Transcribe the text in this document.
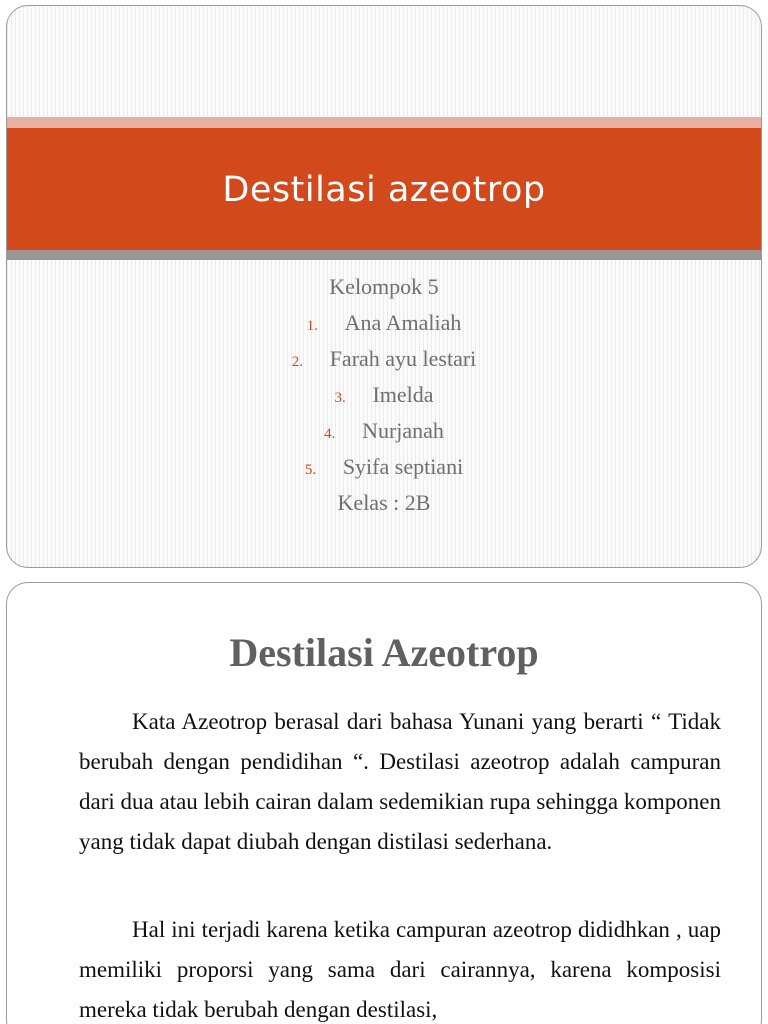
Destilasi azeotrop

Kelompok 5

1. Ana Amaliah

2. Farah ayu lestari

3. Imelda

4. Nurjanah

5. Syifa septiani

Kelas : 2B

Destilasi Azeotrop

Kata Azeotrop berasal dari bahasa Yunani yang berarti “ Tidak berubah dengan pendidihan “. Destilasi azeotrop adalah campuran dari dua atau lebih cairan dalam sedemikian rupa sehingga komponen yang tidak dapat diubah dengan distilasi sederhana.

Hal ini terjadi karena ketika campuran azeotrop dididhkan , uap memiliki proporsi yang sama dari cairannya, karena komposisi mereka tidak berubah dengan destilasi,
